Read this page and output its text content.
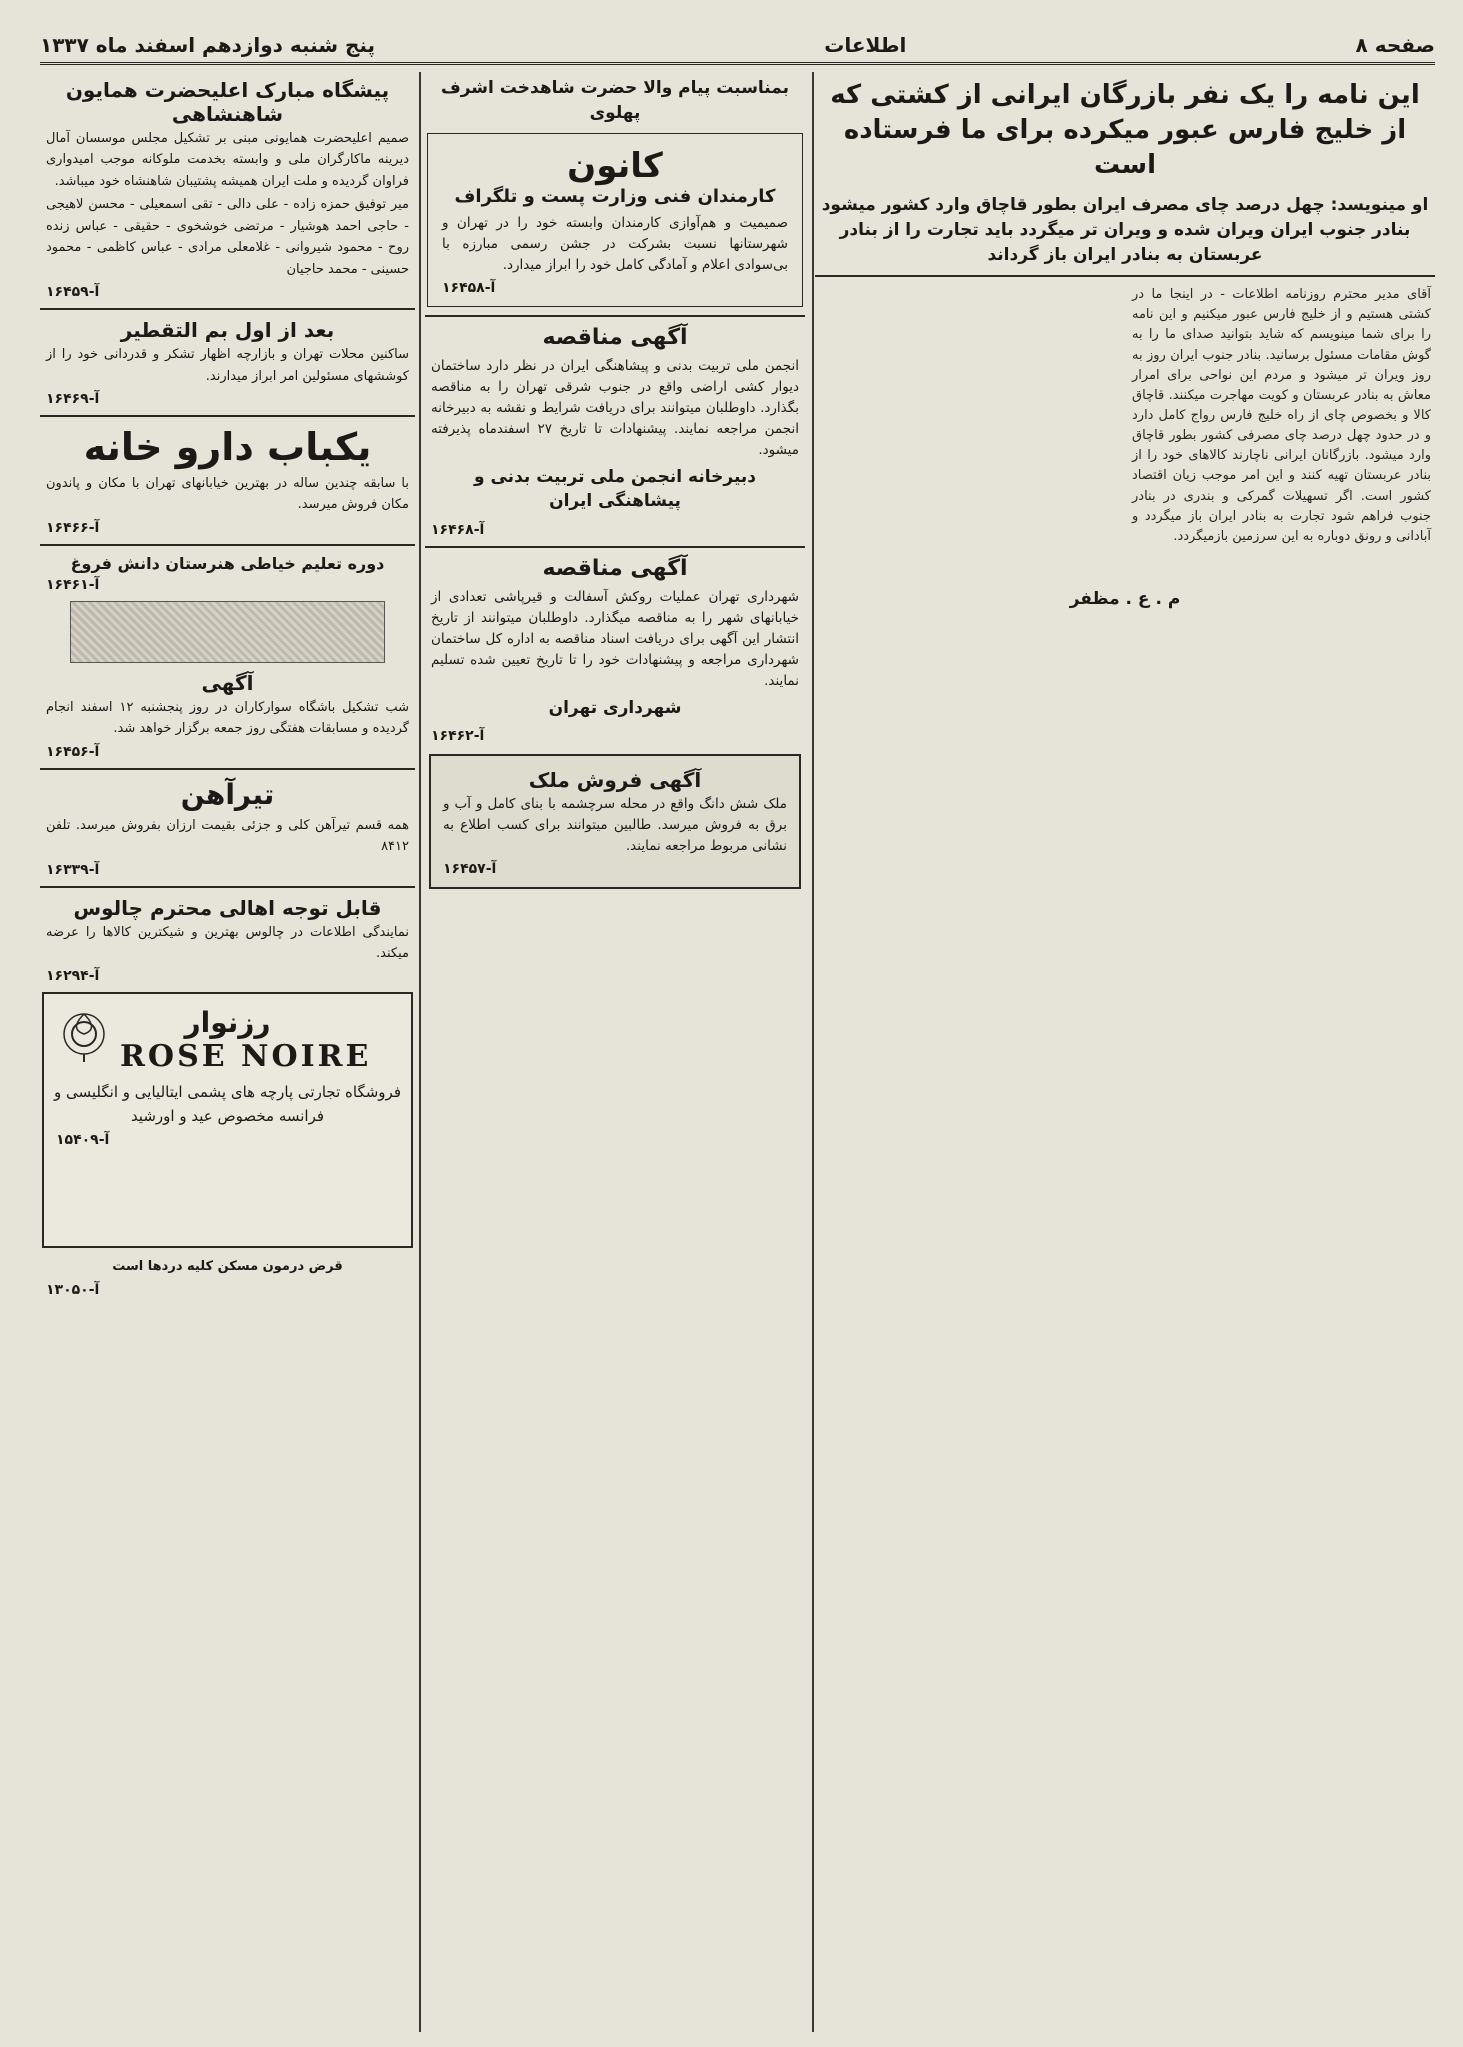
صفحه ۸
اطلاعات
پنج شنبه دوازدهم اسفند ماه ۱۳۳۷
این نامه را یک نفر بازرگان ایرانی از کشتی که از خلیج فارس عبور میکرده برای ما فرستاده است
او مینویسد: چهل درصد چای مصرف ایران بطور قاچاق وارد کشور میشود بنادر جنوب ایران ویران شده و ویران تر میگردد باید تجارت را از بنادر عربستان به بنادر ایران باز گرداند
آقای مدیر محترم روزنامه اطلاعات - در اینجا ما در کشتی هستیم و از خلیج فارس عبور میکنیم و این نامه را برای شما مینویسم که شاید بتوانید صدای ما را به گوش مقامات مسئول برسانید. بنادر جنوب ایران روز به روز ویران تر میشود و مردم این نواحی برای امرار معاش به بنادر عربستان و کویت مهاجرت میکنند. قاچاق کالا و بخصوص چای از راه خلیج فارس رواج کامل دارد و در حدود چهل درصد چای مصرفی کشور بطور قاچاق وارد میشود. بازرگانان ایرانی ناچارند کالاهای خود را از بنادر عربستان تهیه کنند و این امر موجب زیان اقتصاد کشور است. اگر تسهیلات گمرکی و بندری در بنادر جنوب فراهم شود تجارت به بنادر ایران باز میگردد و آبادانی و رونق دوباره به این سرزمین بازمیگردد.
م . ع . مظفر
بمناسبت پیام والا حضرت شاهدخت اشرف پهلوی
کانون
کارمندان فنی وزارت پست و تلگراف
صمیمیت و هم‌آوازی کارمندان وابسته خود را در تهران و شهرستانها نسبت بشرکت در جشن رسمی مبارزه با بی‌سوادی اعلام و آمادگی کامل خود را ابراز میدارد.
آ-۱۶۴۵۸
آگهی مناقصه
انجمن ملی تربیت بدنی و پیشاهنگی ایران در نظر دارد ساختمان دیوار کشی اراضی واقع در جنوب شرقی تهران را به مناقصه بگذارد. داوطلبان میتوانند برای دریافت شرایط و نقشه به دبیرخانه انجمن مراجعه نمایند. پیشنهادات تا تاریخ ۲۷ اسفندماه پذیرفته میشود.
دبیرخانه انجمن ملی تربیت بدنی و پیشاهنگی ایران
آ-۱۶۴۶۸
آگهی مناقصه
شهرداری تهران عملیات روکش آسفالت و قیرپاشی تعدادی از خیابانهای شهر را به مناقصه میگذارد. داوطلبان میتوانند از تاریخ انتشار این آگهی برای دریافت اسناد مناقصه به اداره کل ساختمان شهرداری مراجعه و پیشنهادات خود را تا تاریخ تعیین شده تسلیم نمایند.
شهرداری تهران
آ-۱۶۴۶۲
آگهی فروش ملک
ملک شش دانگ واقع در محله سرچشمه با بنای کامل و آب و برق به فروش میرسد. طالبین میتوانند برای کسب اطلاع به نشانی مربوط مراجعه نمایند.
آ-۱۶۴۵۷
پیشگاه مبارک اعلیحضرت همایون شاهنشاهی
صمیم اعلیحضرت همایونی مبنی بر تشکیل مجلس موسسان آمال دیرینه ماکارگران ملی و وابسته بخدمت ملوکانه موجب امیدواری فراوان گردیده و ملت ایران همیشه پشتیبان شاهنشاه خود میباشد.
میر توفیق حمزه زاده - علی دالی - تقی اسمعیلی - محسن لاهیجی - حاجی احمد هوشیار - مرتضی خوشخوی - حقیقی - عباس زنده روح - محمود شیروانی - غلامعلی مرادی - عباس کاظمی - محمود حسینی - محمد حاجیان
آ-۱۶۴۵۹
بعد از اول بم التقطیر
ساکنین محلات تهران و بازارچه اظهار تشکر و قدردانی خود را از کوششهای مسئولین امر ابراز میدارند.
آ-۱۶۴۶۹
یکباب دارو خانه
با سابقه چندین ساله در بهترین خیابانهای تهران با مکان و پاندون مکان فروش میرسد.
آ-۱۶۴۶۶
دوره تعلیم خیاطی هنرستان دانش فروغ
آ-۱۶۴۶۱
آگهی
شب تشکیل باشگاه سوارکاران در روز پنجشنبه ۱۲ اسفند انجام گردیده و مسابقات هفتگی روز جمعه برگزار خواهد شد.
آ-۱۶۴۵۶
تیرآهن
همه قسم تیرآهن کلی و جزئی بقیمت ارزان بفروش میرسد. تلفن ۸۴۱۲
آ-۱۶۳۳۹
قابل توجه اهالی محترم چالوس
نمایندگی اطلاعات در چالوس بهترین و شیکترین کالاها را عرضه میکند.
آ-۱۶۲۹۴
رزنوار
ROSE NOIRE
فروشگاه تجارتی پارچه های پشمی ایتالیایی و انگلیسی و فرانسه مخصوص عید و اورشید
آ-۱۵۴۰۹
قرض درمون مسکن کلیه دردها است
آ-۱۳۰۵۰
